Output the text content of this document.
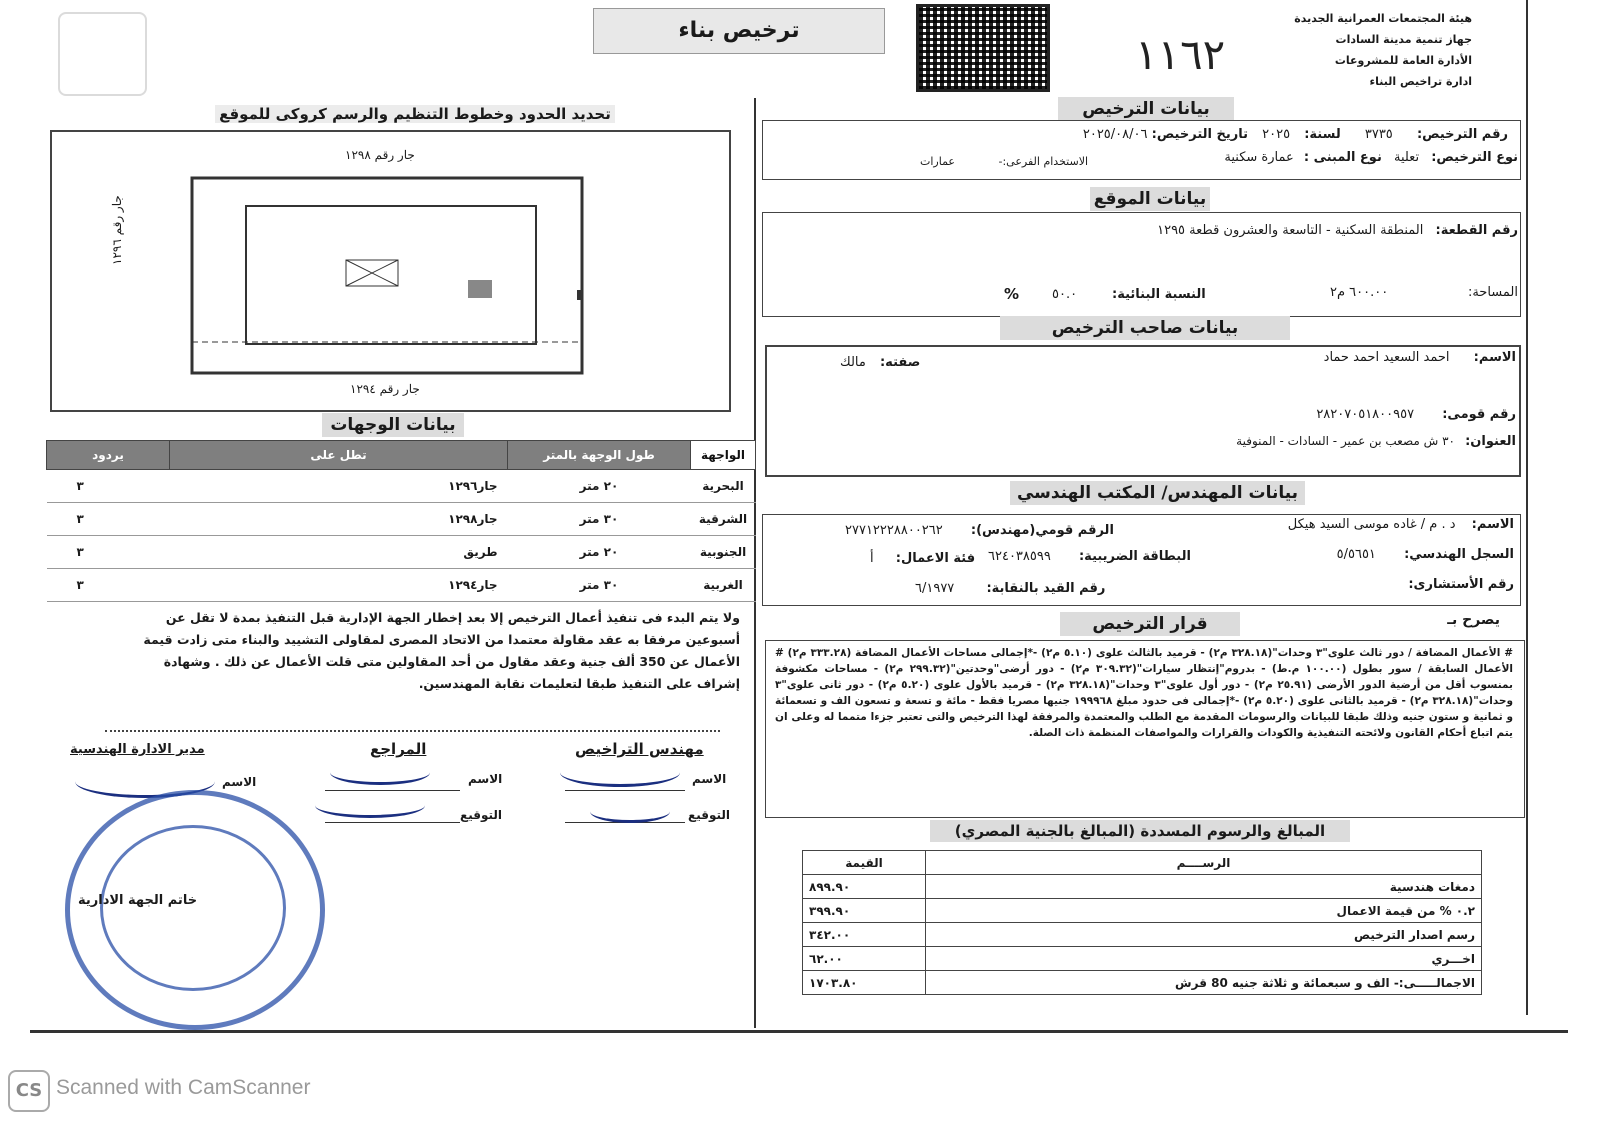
هيئة المجتمعات العمرانية الجديدة
جهاز تنمية مدينة السادات
الأدارة العامة للمشروعات
ادارة تراخيص البناء
١١٦٢
ترخيص بناء
بيانات الترخيص
رقم الترخيص: ٣٧٣٥ لسنة: ٢٠٢٥ تاريخ الترخيص: ٢٠٢٥/٠٨/٠٦
نوع الترخيص: تعلية نوع المبنى : عمارة سكنية
الاستخدام الفرعى:- عمارات
بيانات الموقع
رقم القطعة: المنطقة السكنية - التاسعة والعشرون قطعة ١٢٩٥
المساحة:
٦٠٠.٠٠ م٢
النسبة البنائية:
٥٠.٠
%
بيانات صاحب الترخيص
الاسم: احمد السعيد احمد حماد
صفته: مالك
رقم قومى: ٢٨٢٠٧٠٥١٨٠٠٩٥٧
العنوان: ٣٠ ش مصعب بن عمير - السادات - المنوفية
بيانات المهندس/ المكتب الهندسي
الاسم: د . م / غاده موسى السيد هيكل
الرقم قومي(مهندس): ٢٧٧١٢٢٢٨٨٠٠٢٦٢
السجل الهندسي: ٥/٥٦٥١
البطاقة الضريبية: ٦٢٤٠٣٨٥٩٩
فئة الاعمال: أ
رقم الأستشارى:
رقم القيد بالنقابة: ٦/١٩٧٧
يصرح بـ
قرار الترخيص
# الأعمال المضافة / دور ثالث علوى"٣ وحدات"(٣٢٨.١٨ م٢) - قرميد بالثالث علوى (٥.١٠ م٢) -*إجمالى مساحات الأعمال المضافة (٣٣٣.٢٨ م٢) # الأعمال السابقة / سور بطول (١٠٠.٠٠ م.ط) - بدروم"إنتظار سيارات"(٣٠٩.٣٢ م٢) - دور أرضى"وحدتين"(٢٩٩.٣٢ م٢) - مساحات مكشوفة بمنسوب أقل من أرضية الدور الأرضى (٢٥.٩١ م٢) - دور أول علوى"٣ وحدات"(٣٢٨.١٨ م٢) - قرميد بالأول علوى (٥.٢٠ م٢) - دور ثانى علوى"٣ وحدات"(٣٢٨.١٨ م٢) - قرميد بالثانى علوى (٥.٢٠ م٢) -*إجمالى فى حدود مبلغ ١٩٩٩٦٨ جنيها مصريا فقط - مائة و تسعة و تسعون الف و تسعمائة و ثمانية و ستون جنيه وذلك طبقا للبيانات والرسومات المقدمة مع الطلب والمعتمدة والمرفقة لهذا الترخيص والتى تعتبر جزءا متمما له وعلى ان يتم اتباع أحكام القانون ولائحته التنفيذية والكودات والقرارات والمواصفات المنظمة ذات الصلة.
المبالغ والرسوم المسددة (المبالغ بالجنية المصري)
الرســــم	القيمة
دمغات هندسية	٨٩٩.٩٠
٠.٢ % من قيمة الاعمال	٣٩٩.٩٠
رسم اصدار الترخيص	٣٤٢.٠٠
اخـــري	٦٢.٠٠
الاجمالـــــى:- الف و سبعمائة و ثلاثة جنيه 80 قرش	١٧٠٣.٨٠
تحديد الحدود وخطوط التنظيم والرسم كروكى للموقع
جار رقم ١٢٩٨
جار رقم ١٢٩٤
جار رقم ١٢٩٦
بيانات الوجهات
الواجهة	طول الوجهة بالمتر	تطل على	يردود
البحرية	٢٠ متر	جار١٢٩٦	٣
الشرقية	٣٠ متر	جار١٢٩٨	٣
الجنوبية	٢٠ متر	طريق	٣
الغربية	٣٠ متر	جار١٢٩٤	٣
ولا يتم البدء فى تنفيذ أعمال الترخيص إلا بعد إخطار الجهة الإدارية قبل التنفيذ بمدة لا تقل عن أسبوعين مرفقا به عقد مقاولة معتمدا من الاتحاد المصرى لمقاولى التشييد والبناء متى زادت قيمة الأعمال عن 350 ألف جنية وعقد مقاول من أحد المقاولين متى قلت الأعمال عن ذلك . وشهادة إشراف على التنفيذ طبقا لتعليمات نقابة المهندسين.
مهندس التراخيص
المراجع
مدير الادارة الهندسية
الاسم
الاسم
الاسم
التوقيع
التوقيع
خاتم الجهة الادارية
CS Scanned with CamScanner
